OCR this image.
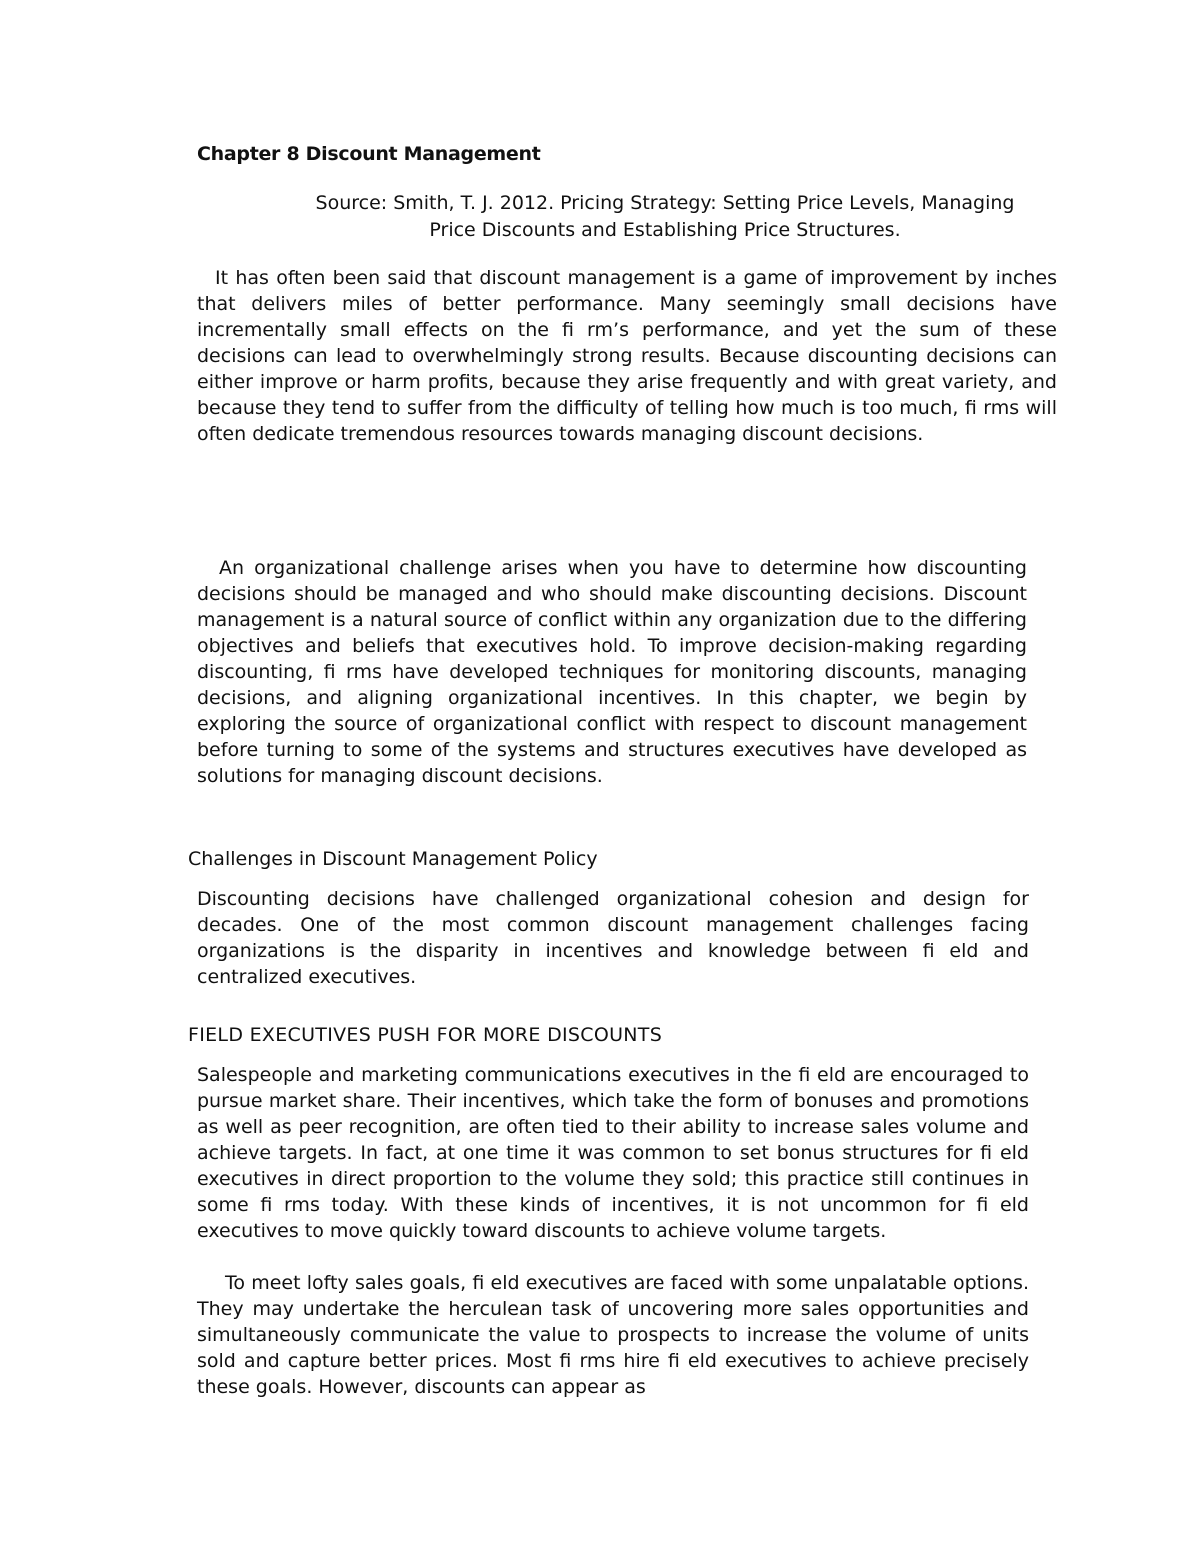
Chapter 8 Discount Management
Source: Smith, T. J. 2012. Pricing Strategy: Setting Price Levels, Managing
Price Discounts and Establishing Price Structures.

It has often been said that discount management is a game of improvement by inches that delivers miles of better performance. Many seemingly small decisions have incrementally small effects on the fi rm’s performance, and yet the sum of these decisions can lead to overwhelmingly strong results. Because discounting decisions can either improve or harm profits, because they arise frequently and with great variety, and because they tend to suffer from the difficulty of telling how much is too much, fi rms will often dedicate tremendous resources towards managing discount decisions.

An organizational challenge arises when you have to determine how discounting decisions should be managed and who should make discounting decisions. Discount management is a natural source of conflict within any organization due to the differing objectives and beliefs that executives hold. To improve decision-making regarding discounting, fi rms have developed techniques for monitoring discounts, managing decisions, and aligning organizational incentives. In this chapter, we begin by exploring the source of organizational conflict with respect to discount management before turning to some of the systems and structures executives have developed as solutions for managing discount decisions.

Challenges in Discount Management Policy

Discounting decisions have challenged organizational cohesion and design for decades. One of the most common discount management challenges facing organizations is the disparity in incentives and knowledge between fi eld and centralized executives.

FIELD EXECUTIVES PUSH FOR MORE DISCOUNTS

Salespeople and marketing communications executives in the fi eld are encouraged to pursue market share. Their incentives, which take the form of bonuses and promotions as well as peer recognition, are often tied to their ability to increase sales volume and achieve targets. In fact, at one time it was common to set bonus structures for fi eld executives in direct proportion to the volume they sold; this practice still continues in some fi rms today. With these kinds of incentives, it is not uncommon for fi eld executives to move quickly toward discounts to achieve volume targets.

To meet lofty sales goals, fi eld executives are faced with some unpalatable options. They may undertake the herculean task of uncovering more sales opportunities and simultaneously communicate the value to prospects to increase the volume of units sold and capture better prices. Most fi rms hire fi eld executives to achieve precisely these goals. However, discounts can appear as
